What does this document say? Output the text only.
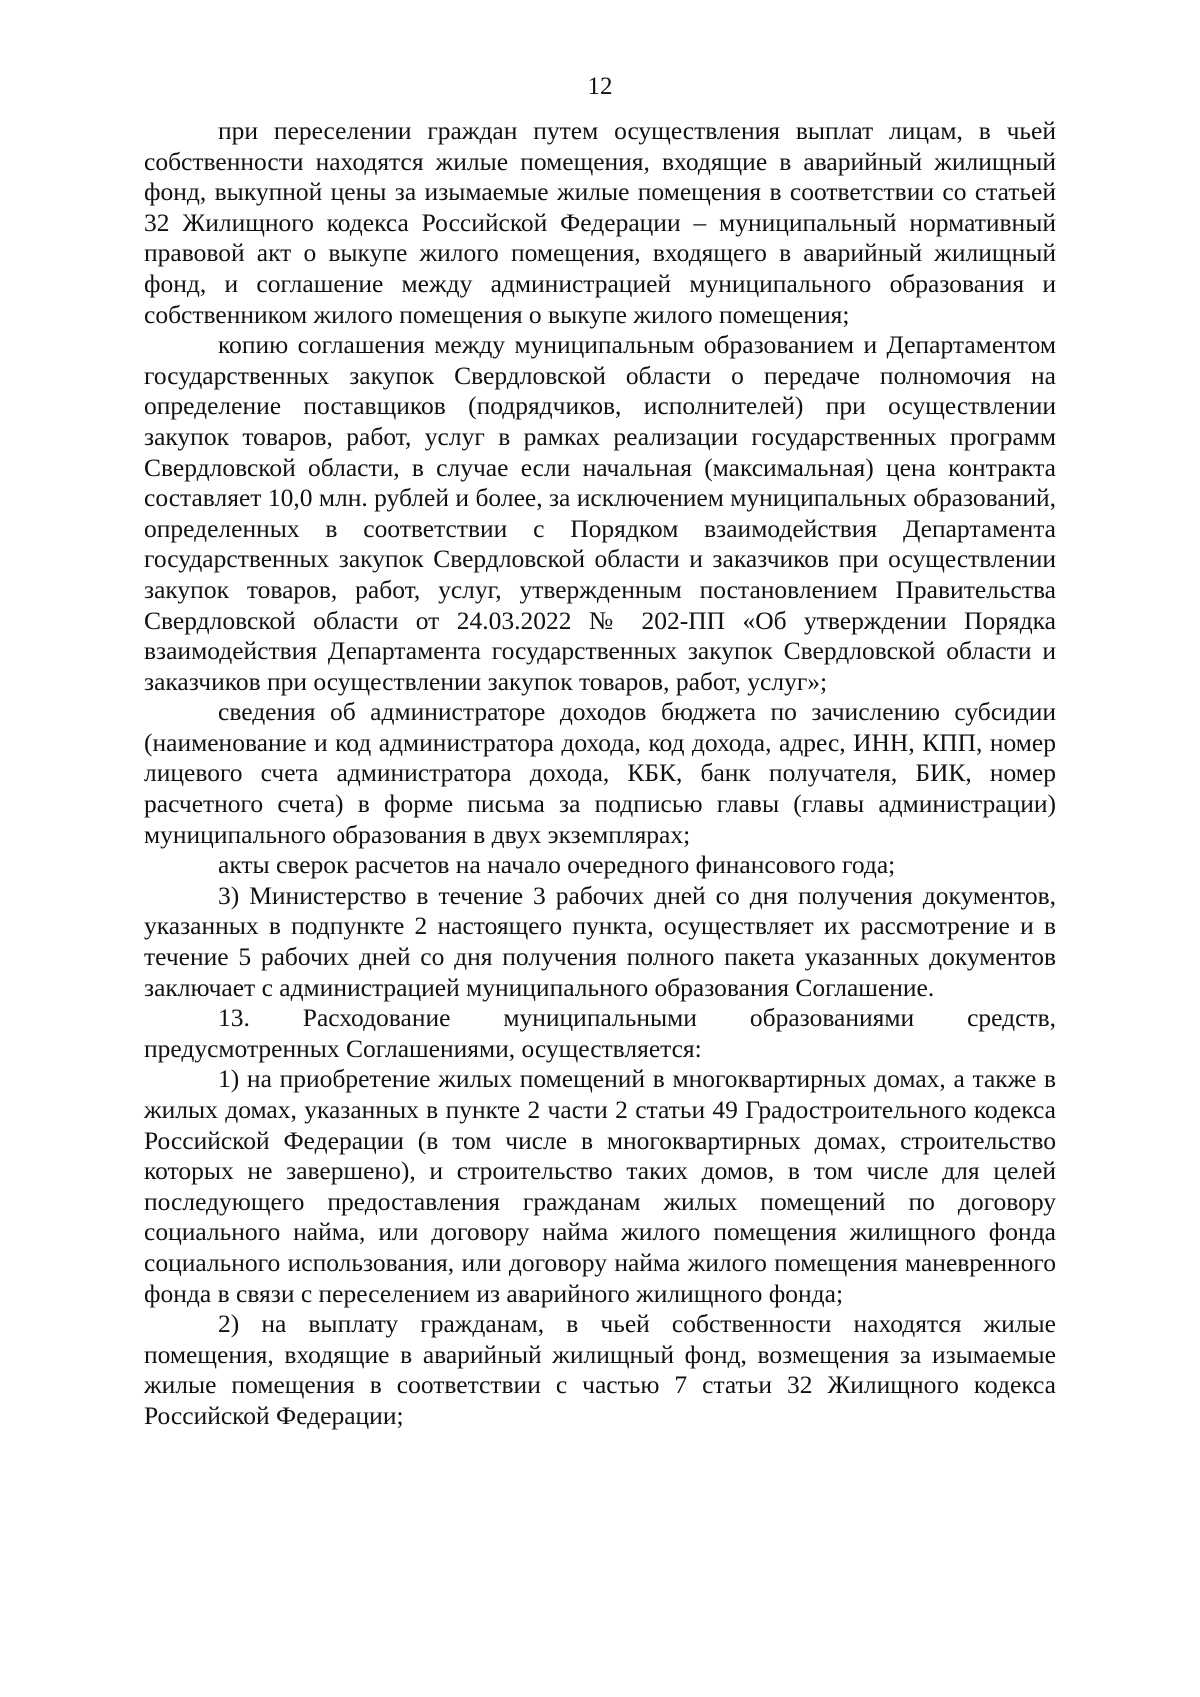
12

при переселении граждан путем осуществления выплат лицам, в чьей собственности находятся жилые помещения, входящие в аварийный жилищный фонд, выкупной цены за изымаемые жилые помещения в соответствии со статьей 32 Жилищного кодекса Российской Федерации – муниципальный нормативный правовой акт о выкупе жилого помещения, входящего в аварийный жилищный фонд, и соглашение между администрацией муниципального образования и собственником жилого помещения о выкупе жилого помещения;

копию соглашения между муниципальным образованием и Департаментом государственных закупок Свердловской области о передаче полномочия на определение поставщиков (подрядчиков, исполнителей) при осуществлении закупок товаров, работ, услуг в рамках реализации государственных программ Свердловской области, в случае если начальная (максимальная) цена контракта составляет 10,0 млн. рублей и более, за исключением муниципальных образований, определенных в соответствии с Порядком взаимодействия Департамента государственных закупок Свердловской области и заказчиков при осуществлении закупок товаров, работ, услуг, утвержденным постановлением Правительства Свердловской области от 24.03.2022 № 202-ПП «Об утверждении Порядка взаимодействия Департамента государственных закупок Свердловской области и заказчиков при осуществлении закупок товаров, работ, услуг»;

сведения об администраторе доходов бюджета по зачислению субсидии (наименование и код администратора дохода, код дохода, адрес, ИНН, КПП, номер лицевого счета администратора дохода, КБК, банк получателя, БИК, номер расчетного счета) в форме письма за подписью главы (главы администрации) муниципального образования в двух экземплярах;

акты сверок расчетов на начало очередного финансового года;

3) Министерство в течение 3 рабочих дней со дня получения документов, указанных в подпункте 2 настоящего пункта, осуществляет их рассмотрение и в течение 5 рабочих дней со дня получения полного пакета указанных документов заключает с администрацией муниципального образования Соглашение.

13. Расходование муниципальными образованиями средств, предусмотренных Соглашениями, осуществляется:

1) на приобретение жилых помещений в многоквартирных домах, а также в жилых домах, указанных в пункте 2 части 2 статьи 49 Градостроительного кодекса Российской Федерации (в том числе в многоквартирных домах, строительство которых не завершено), и строительство таких домов, в том числе для целей последующего предоставления гражданам жилых помещений по договору социального найма, или договору найма жилого помещения жилищного фонда социального использования, или договору найма жилого помещения маневренного фонда в связи с переселением из аварийного жилищного фонда;

2) на выплату гражданам, в чьей собственности находятся жилые помещения, входящие в аварийный жилищный фонд, возмещения за изымаемые жилые помещения в соответствии с частью 7 статьи 32 Жилищного кодекса Российской Федерации;
